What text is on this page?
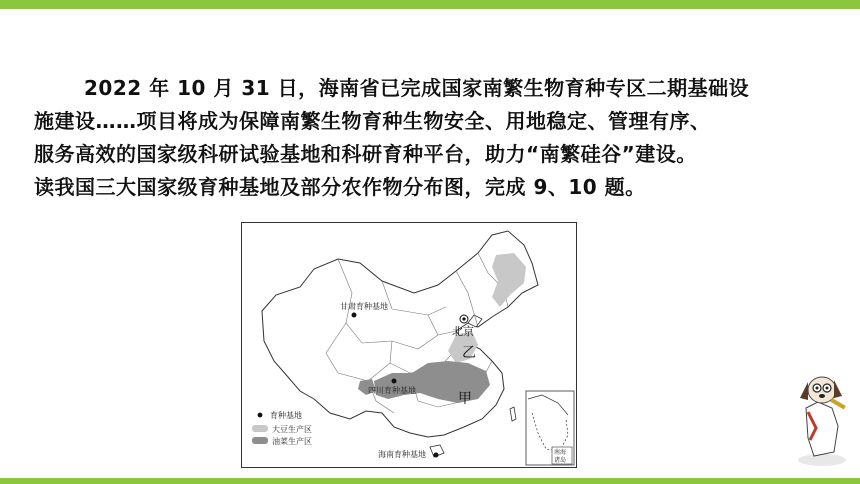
2022 年 10 月 31 日，海南省已完成国家南繁生物育种专区二期基础设
施建设……项目将成为保障南繁生物育种生物安全、用地稳定、管理有序、
服务高效的国家级科研试验基地和科研育种平台，助力“南繁硅谷”建设。
读我国三大国家级育种基地及部分农作物分布图，完成 9、10 题。
甘肃育种基地
北京
乙
四川育种基地
甲
海南育种基地
育种基地
大豆生产区
油菜生产区
南海
诸岛
